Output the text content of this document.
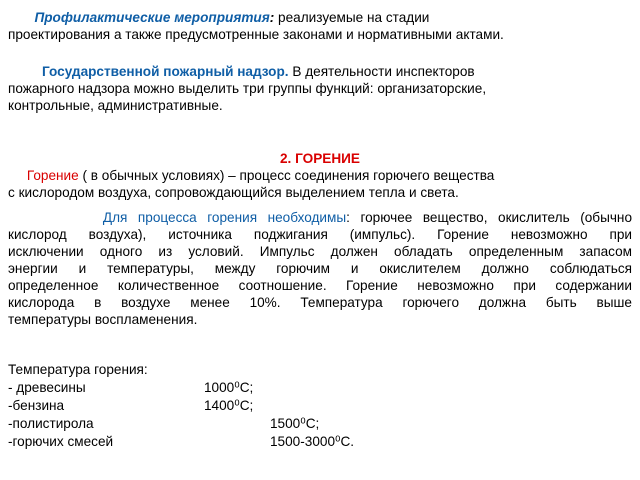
Профилактические мероприятия: реализуемые на стадии
проектирования а также предусмотренные законами и нормативными актами.
Государственной пожарный надзор. В деятельности инспекторов
пожарного надзора можно выделить три группы функций: организаторские,
контрольные, административные.
2. ГОРЕНИЕ
Горение ( в обычных условиях) – процесс соединения горючего вещества
с кислородом воздуха, сопровождающийся выделением тепла и света.
Для процесса горения необходимы: горючее вещество, окислитель (обычно
кислород воздуха), источника поджигания (импульс). Горение невозможно при
исключении одного из условий. Импульс должен обладать определенным запасом
энергии и температуры, между горючим и окислителем должно соблюдаться
определенное количественное соотношение. Горение невозможно при содержании
кислорода в воздухе менее 10%. Температура горючего должна быть выше
температуры воспламенения.
Температура горения:
- древесины	1000⁰С;
-бензина	1400⁰С;
-полистирола	1500⁰С;
-горючих смесей	1500-3000⁰С.
